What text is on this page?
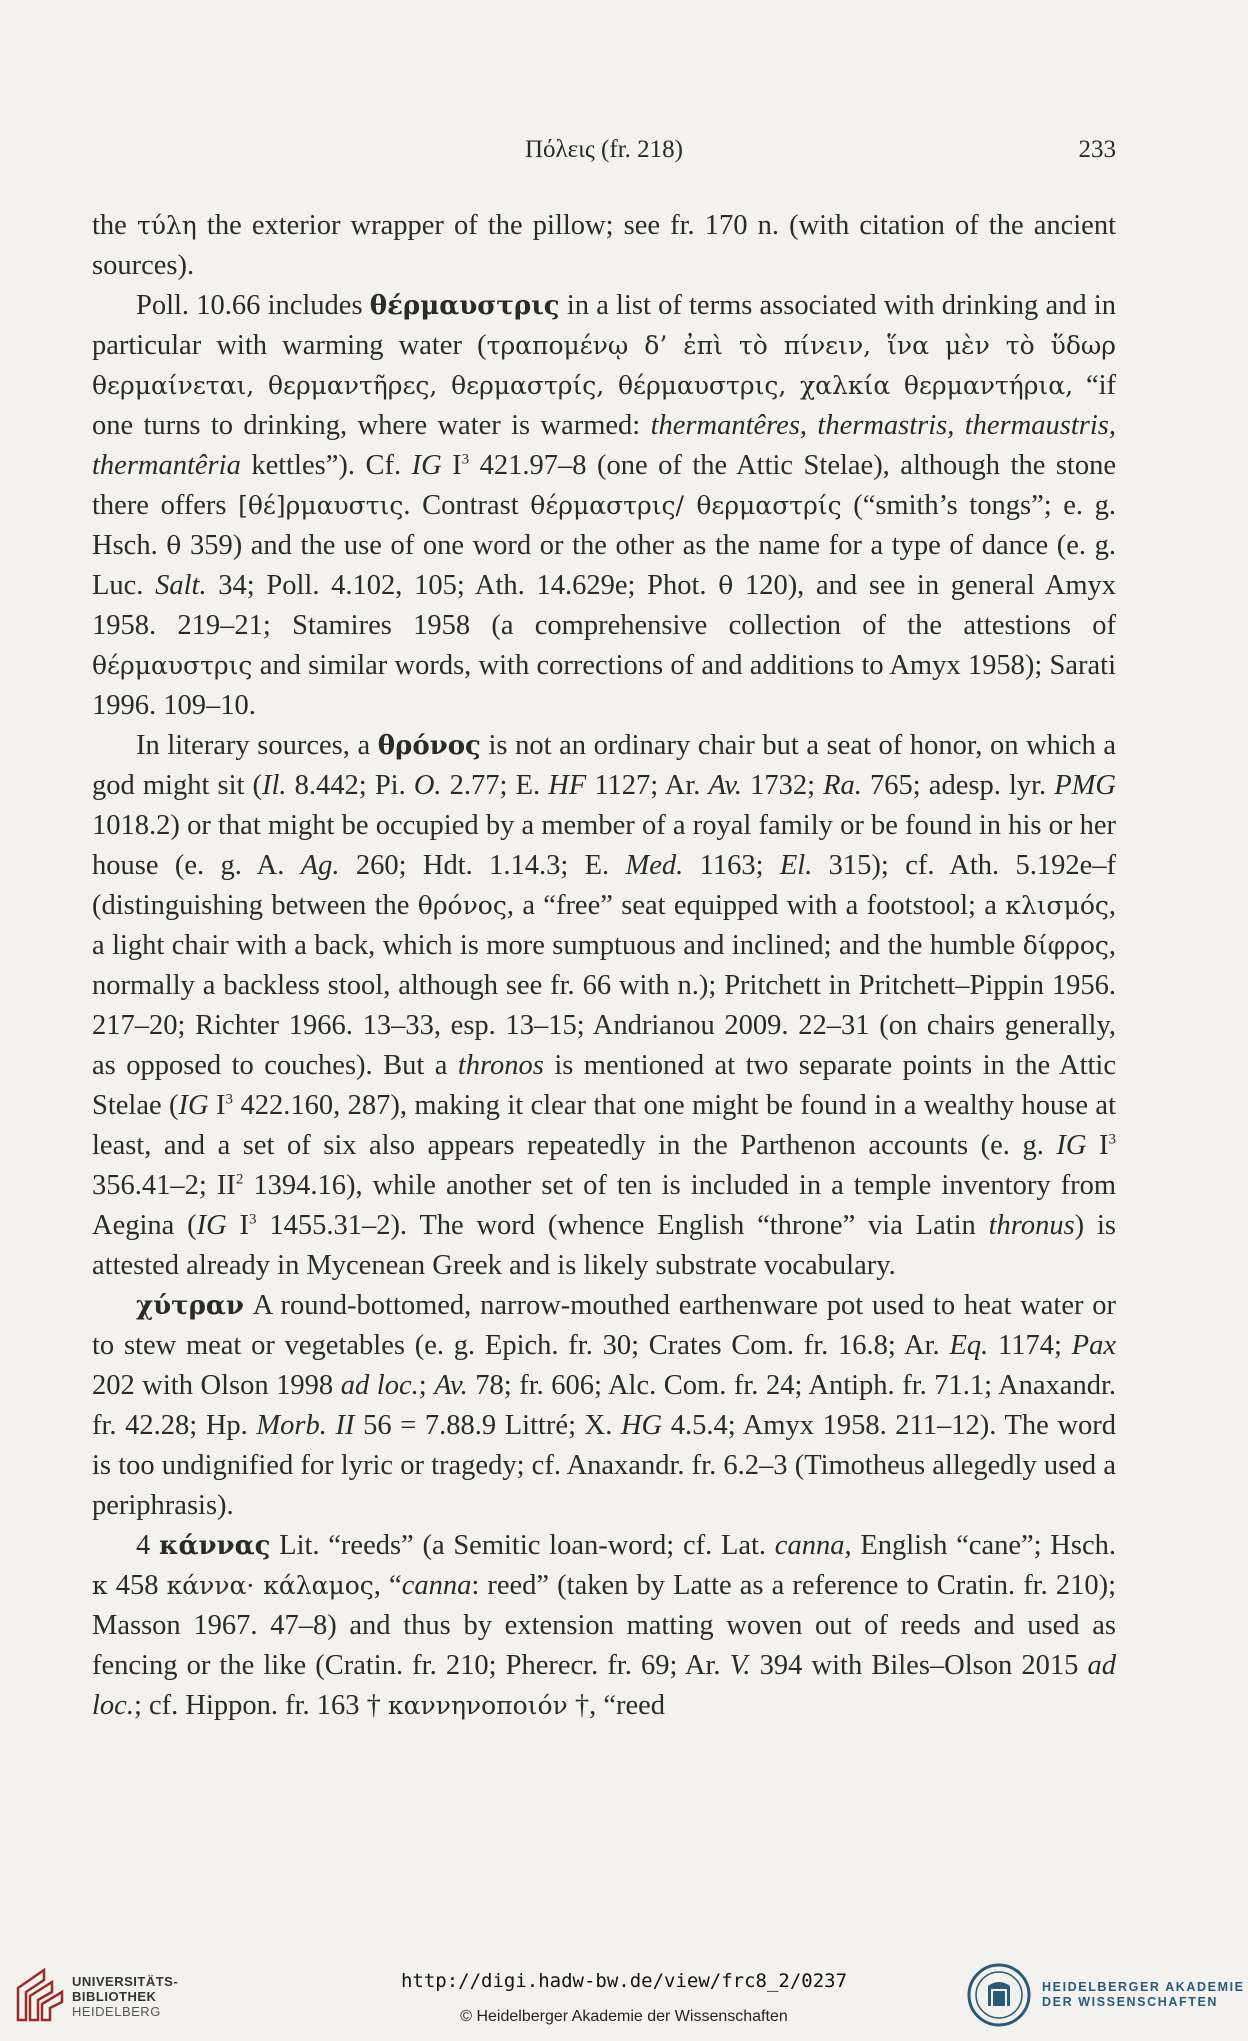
Πόλεις (fr. 218)	233

the τύλη the exterior wrapper of the pillow; see fr. 170 n. (with citation of the ancient sources).

Poll. 10.66 includes θέρμαυστρις in a list of terms associated with drinking and in particular with warming water (τραπομένῳ δ’ ἐπὶ τὸ πίνειν, ἵνα μὲν τὸ ὕδωρ θερμαίνεται, θερμαντῆρες, θερμαστρίς, θέρμαυστρις, χαλκία θερμαντήρια, “if one turns to drinking, where water is warmed: thermantêres, thermastris, thermaustris, thermantêria kettles”). Cf. IG $I^3$ 421.97–8 (one of the Attic Stelae), although the stone there offers [θέ]ρμαυστις. Contrast θέρμαστρις/ θερμαστρίς (“smith’s tongs”; e. g. Hsch. θ 359) and the use of one word or the other as the name for a type of dance (e. g. Luc. Salt. 34; Poll. 4.102, 105; Ath. 14.629e; Phot. θ 120), and see in general Amyx 1958. 219–21; Stamires 1958 (a comprehensive collection of the attestions of θέρμαυστρις and similar words, with corrections of and additions to Amyx 1958); Sarati 1996. 109–10.

In literary sources, a θρόνος is not an ordinary chair but a seat of honor, on which a god might sit (Il. 8.442; Pi. O. 2.77; E. HF 1127; Ar. Av. 1732; Ra. 765; adesp. lyr. PMG 1018.2) or that might be occupied by a member of a royal family or be found in his or her house (e. g. A. Ag. 260; Hdt. 1.14.3; E. Med. 1163; El. 315); cf. Ath. 5.192e–f (distinguishing between the θρόνος, a “free” seat equipped with a footstool; a κλισμός, a light chair with a back, which is more sumptuous and inclined; and the humble δίφρος, normally a backless stool, although see fr. 66 with n.); Pritchett in Pritchett–Pippin 1956. 217–20; Richter 1966. 13–33, esp. 13–15; Andrianou 2009. 22–31 (on chairs generally, as opposed to couches). But a thronos is mentioned at two separate points in the Attic Stelae (IG $I^3$ 422.160, 287), making it clear that one might be found in a wealthy house at least, and a set of six also appears repeatedly in the Parthenon accounts (e. g. IG $I^3$ 356.41–2; $II^2$ 1394.16), while another set of ten is included in a temple inventory from Aegina (IG $I^3$ 1455.31–2). The word (whence English “throne” via Latin thronus) is attested already in Mycenean Greek and is likely substrate vocabulary.

χύτραν A round-bottomed, narrow-mouthed earthenware pot used to heat water or to stew meat or vegetables (e. g. Epich. fr. 30; Crates Com. fr. 16.8; Ar. Eq. 1174; Pax 202 with Olson 1998 ad loc.; Av. 78; fr. 606; Alc. Com. fr. 24; Antiph. fr. 71.1; Anaxandr. fr. 42.28; Hp. Morb. II 56 = 7.88.9 Littré; X. HG 4.5.4; Amyx 1958. 211–12). The word is too undignified for lyric or tragedy; cf. Anaxandr. fr. 6.2–3 (Timotheus allegedly used a periphrasis).

4 κάννας Lit. “reeds” (a Semitic loan-word; cf. Lat. canna, English “cane”; Hsch. κ 458 κάννα· κάλαμος, “canna: reed” (taken by Latte as a reference to Cratin. fr. 210); Masson 1967. 47–8) and thus by extension matting woven out of reeds and used as fencing or the like (Cratin. fr. 210; Pherecr. fr. 69; Ar. V. 394 with Biles–Olson 2015 ad loc.; cf. Hippon. fr. 163 † καννηνοποιόν †, “reed

UNIVERSITÄTS-
BIBLIOTHEK
HEIDELBERG
http://digi.hadw-bw.de/view/frc8_2/0237
© Heidelberger Akademie der Wissenschaften
HEIDELBERGER AKADEMIE
DER WISSENSCHAFTEN
